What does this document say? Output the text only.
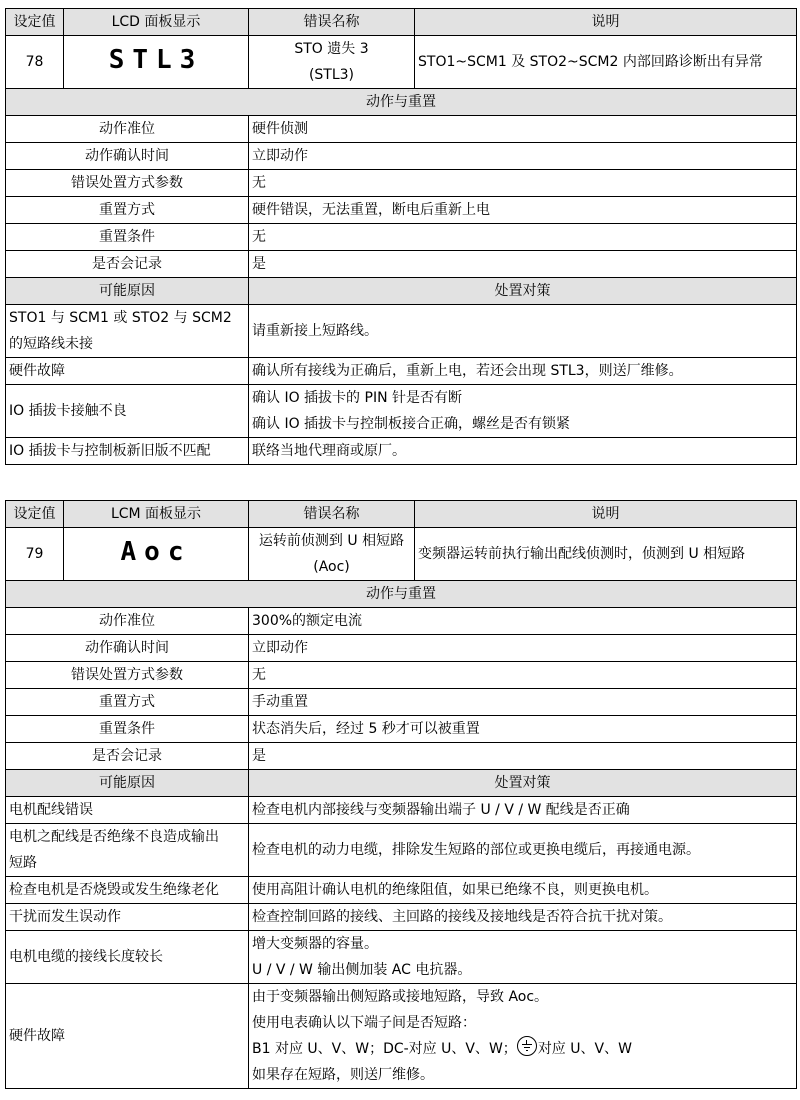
设定值	LCD 面板显示	错误名称	说明
78	STL3	STO 遗失 3
(STL3)	STO1~SCM1 及 STO2~SCM2 内部回路诊断出有异常
动作与重置			
动作准位		硬件侦测	
动作确认时间		立即动作	
错误处置方式参数		无	
重置方式		硬件错误，无法重置，断电后重新上电	
重置条件		无	
是否会记录		是	
可能原因		处置对策	

STO1 与 SCM1 或 STO2 与 SCM2
的短路线未接		请重新接上短路线。	
硬件故障		确认所有接线为正确后，重新上电，若还会出现 STL3，则送厂维修。	
IO 插拔卡接触不良		确认 IO 插拔卡的 PIN 针是否有断
确认 IO 插拔卡与控制板接合正确，螺丝是否有锁紧	

IO 插拔卡与控制板新旧版不匹配		联络当地代理商或原厂。	
设定值	LCM 面板显示	错误名称	说明
79	Aoc	运转前侦测到 U 相短路
(Aoc)	变频器运转前执行输出配线侦测时，侦测到 U 相短路
动作与重置			
动作准位		300%的额定电流	
动作确认时间		立即动作	
错误处置方式参数		无	
重置方式		手动重置	
重置条件		状态消失后，经过 5 秒才可以被重置	
是否会记录		是	
可能原因		处置对策	
电机配线错误		检查电机内部接线与变频器输出端子 U / V / W 配线是否正确	

电机之配线是否绝缘不良造成输出
短路		检查电机的动力电缆，排除发生短路的部位或更换电缆后，再接通电源。	
检查电机是否烧毁或发生绝缘老化		使用高阻计确认电机的绝缘阻值，如果已绝缘不良，则更换电机。	
干扰而发生误动作		检查控制回路的接线、主回路的接线及接地线是否符合抗干扰对策。	
电机电缆的接线长度较长		增大变频器的容量。
U / V / W 输出侧加装 AC 电抗器。	

硬件故障		由于变频器输出侧短路或接地短路，导致 Aoc。
使用电表确认以下端子间是否短路：
B1 对应 U、V、W；DC-对应 U、V、W； 对应 U、V、W
如果存在短路，则送厂维修。	
